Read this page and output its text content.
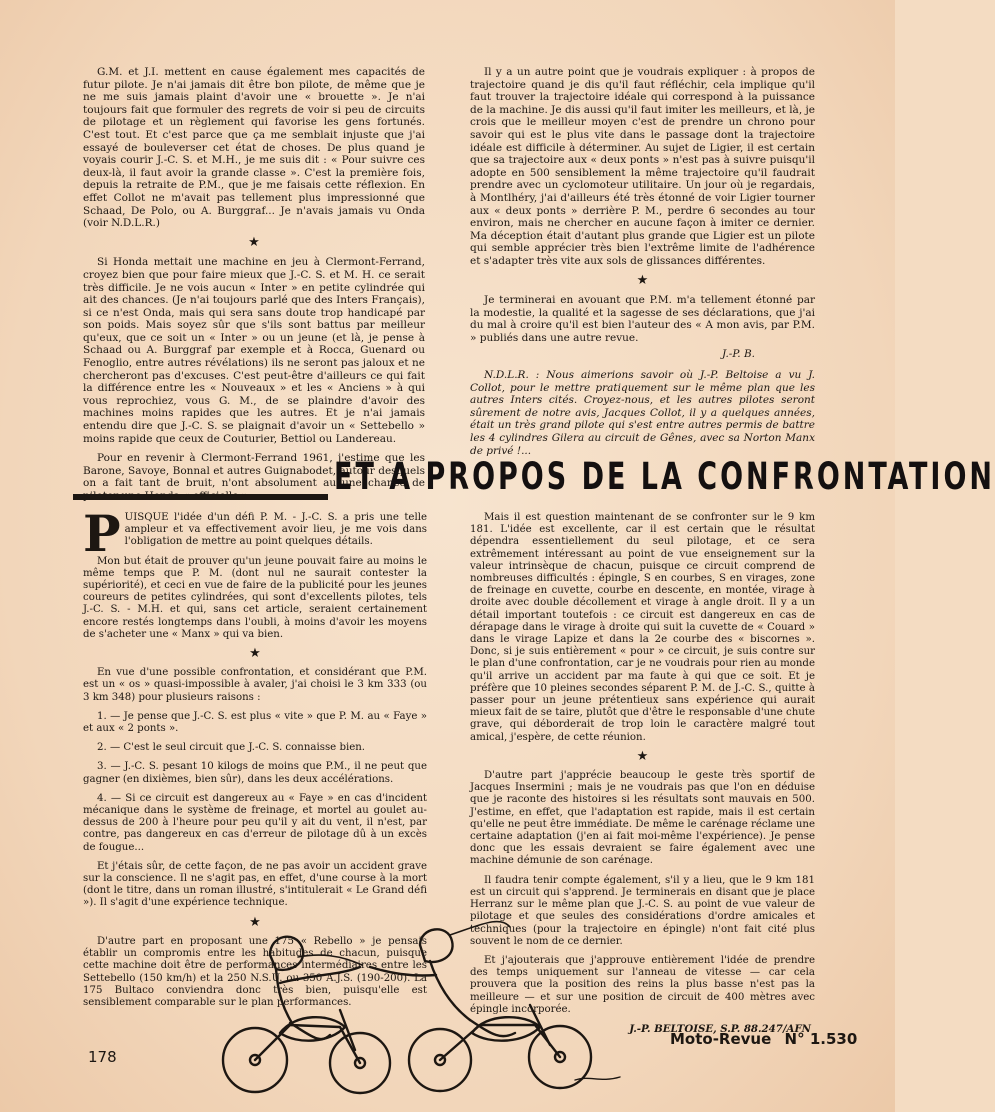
G.M. et J.I. mettent en cause également mes capacités de futur pilote. Je n'ai jamais dit être bon pilote, de même que je ne me suis jamais plaint d'avoir une « brouette ». Je n'ai toujours fait que formuler des regrets de voir si peu de circuits de pilotage et un règlement qui favorise les gens fortunés. C'est tout. Et c'est parce que ça me semblait injuste que j'ai essayé de bouleverser cet état de choses. De plus quand je voyais courir J.-C. S. et M.H., je me suis dit : « Pour suivre ces deux-là, il faut avoir la grande classe ». C'est la première fois, depuis la retraite de P.M., que je me faisais cette réflexion. En effet Collot ne m'avait pas tellement plus impressionné que Schaad, De Polo, ou A. Burggraf... Je n'avais jamais vu Onda (voir N.D.L.R.)

★

Si Honda mettait une machine en jeu à Clermont-Ferrand, croyez bien que pour faire mieux que J.-C. S. et M. H. ce serait très difficile. Je ne vois aucun « Inter » en petite cylindrée qui ait des chances. (Je n'ai toujours parlé que des Inters Français), si ce n'est Onda, mais qui sera sans doute trop handicapé par son poids. Mais soyez sûr que s'ils sont battus par meilleur qu'eux, que ce soit un « Inter » ou un jeune (et là, je pense à Schaad ou A. Burggraf par exemple et à Rocca, Guenard ou Fenoglio, entre autres révélations) ils ne seront pas jaloux et ne chercheront pas d'excuses. C'est peut-être d'ailleurs ce qui fait la différence entre les « Nouveaux » et les « Anciens » à qui vous reprochiez, vous G. M., de se plaindre d'avoir des machines moins rapides que les autres. Et je n'ai jamais entendu dire que J.-C. S. se plaignait d'avoir un « Settebello » moins rapide que ceux de Couturier, Bettiol ou Landereau.

Pour en revenir à Clermont-Ferrand 1961, j'estime que les Barone, Savoye, Bonnal et autres Guignabodet, autour desquels on a fait tant de bruit, n'ont absolument aucune chance de

Il y a un autre point que je voudrais expliquer : à propos de trajectoire quand je dis qu'il faut réfléchir, cela implique qu'il faut trouver la trajectoire idéale qui correspond à la puissance de la machine. Je dis aussi qu'il faut imiter les meilleurs, et là, je crois que le meilleur moyen c'est de prendre un chrono pour savoir qui est le plus vite dans le passage dont la trajectoire idéale est difficile à déterminer. Au sujet de Ligier, il est certain que sa trajectoire aux « deux ponts » n'est pas à suivre puisqu'il adopte en 500 sensiblement la même trajectoire qu'il faudrait prendre avec un cyclomoteur utilitaire. Un jour où je regardais, à Montlhéry, j'ai d'ailleurs été très étonné de voir Ligier tourner aux « deux ponts » derrière P. M., perdre 6 secondes au tour environ, mais ne chercher en aucune façon à imiter ce dernier. Ma déception était d'autant plus grande que Ligier est un pilote qui semble apprécier très bien l'extrême limite de l'adhérence et s'adapter très vite aux sols de glissances différentes.

★

Je terminerai en avouant que P.M. m'a tellement étonné par la modestie, la qualité et la sagesse de ses déclarations, que j'ai du mal à croire qu'il est bien l'auteur des « A mon avis, par P.M. » publiés dans une autre revue.

J.-P. B.

N.D.L.R. : Nous aimerions savoir où J.-P. Beltoise a vu J. Collot, pour le mettre pratiquement sur le même plan que les autres Inters cités. Croyez-nous, et les autres pilotes seront sûrement de notre avis, Jacques Collot, il y a quelques années, était un très grand pilote qui s'est entre autres permis de battre les 4 cylindres Gilera au circuit de Gênes, avec sa Norton Manx de privé !...

ET A PROPOS DE LA CONFRONTATION

P UISQUE l'idée d'un défi P. M. - J.-C. S. a pris une telle ampleur et va effectivement avoir lieu, je me vois dans l'obligation de mettre au point quelques détails.

Mon but était de prouver qu'un jeune pouvait faire au moins le même temps que P. M. (dont nul ne saurait contester la supériorité), et ceci en vue de faire de la publicité pour les jeunes coureurs de petites cylindrées, qui sont d'excellents pilotes, tels J.-C. S. - M.H. et qui, sans cet article, seraient certainement encore restés longtemps dans l'oubli, à moins d'avoir les moyens de s'acheter une « Manx » qui va bien.

★

En vue d'une possible confrontation, et considérant que P.M. est un « os » quasi-impossible à avaler, j'ai choisi le 3 km 333 (ou 3 km 348) pour plusieurs raisons :

1. — Je pense que J.-C. S. est plus « vite » que P. M. au « Faye » et aux « 2 ponts ».

2. — C'est le seul circuit que J.-C. S. connaisse bien.

3. — J.-C. S. pesant 10 kilogs de moins que P.M., il ne peut que gagner (en dixièmes, bien sûr), dans les deux accélérations.

4. — Si ce circuit est dangereux au « Faye » en cas d'incident mécanique dans le système de freinage, et mortel au goulet au-dessus de 200 à l'heure pour peu qu'il y ait du vent, il n'est, par contre, pas dangereux en cas d'erreur de pilotage dû à un excès de fougue...

Et j'étais sûr, de cette façon, de ne pas avoir un accident grave sur la conscience. Il ne s'agit pas, en effet, d'une course à la mort (dont le titre, dans un roman illustré, s'intitulerait « Le Grand défi »). Il s'agit d'une expérience technique.

★

D'autre part en proposant une 175 « Rebello » je pensais établir un compromis entre les habitudes de chacun, puisque cette machine doit être de performances intermédiaires entre les Settebello (150 km/h) et la 250 N.S.U. ou 350 A.J.S. (190-200). La 175 Bultaco conviendra donc très bien, puisqu'elle est sensiblement comparable sur le plan performances.

Mais il est question maintenant de se confronter sur le 9 km 181. L'idée est excellente, car il est certain que le résultat dépendra essentiellement du seul pilotage, et ce sera extrêmement intéressant au point de vue enseignement sur la valeur intrinsèque de chacun, puisque ce circuit comprend de nombreuses difficultés : épingle, S en courbes, S en virages, zone de freinage en cuvette, courbe en descente, en montée, virage à droite avec double décollement et virage à angle droit. Il y a un détail important toutefois : ce circuit est dangereux en cas de dérapage dans le virage à droite qui suit la cuvette de « Couard » dans le virage Lapize et dans la 2e courbe des « biscornes ». Donc, si je suis entièrement « pour » ce circuit, je suis contre sur le plan d'une confrontation, car je ne voudrais pour rien au monde qu'il arrive un accident par ma faute à qui que ce soit. Et je préfère que 10 pleines secondes séparent P. M. de J.-C. S., quitte à passer pour un jeune prétentieux sans expérience qui aurait mieux fait de se taire, plutôt que d'être le responsable d'une chute grave, qui déborderait de trop loin le caractère malgré tout amical, j'espère, de cette réunion.

★

D'autre part j'apprécie beaucoup le geste très sportif de Jacques Insermini ; mais je ne voudrais pas que l'on en déduise que je raconte des histoires si les résultats sont mauvais en 500. J'estime, en effet, que l'adaptation est rapide, mais il est certain qu'elle ne peut être immédiate. De même le carénage réclame une certaine adaptation (j'en ai fait moi-même l'expérience). Je pense donc que les essais devraient se faire également avec une machine démunie de son carénage.

Il faudra tenir compte également, s'il y a lieu, que le 9 km 181 est un circuit qui s'apprend. Je terminerais en disant que je place Herranz sur le même plan que J.-C. S. au point de vue valeur de pilotage et que seules des considérations d'ordre amicales et techniques (pour la trajectoire en épingle) n'ont fait cité plus souvent le nom de ce dernier.

Et j'ajouterais que j'approuve entièrement l'idée de prendre des temps uniquement sur l'anneau de vitesse — car cela prouvera que la position des reins la plus basse n'est pas la meilleure — et sur une position de circuit de 400 mètres avec épingle incorporée.

J.-P. BELTOISE, S.P. 88.247/AFN
178
Moto-Revue N° 1.530
